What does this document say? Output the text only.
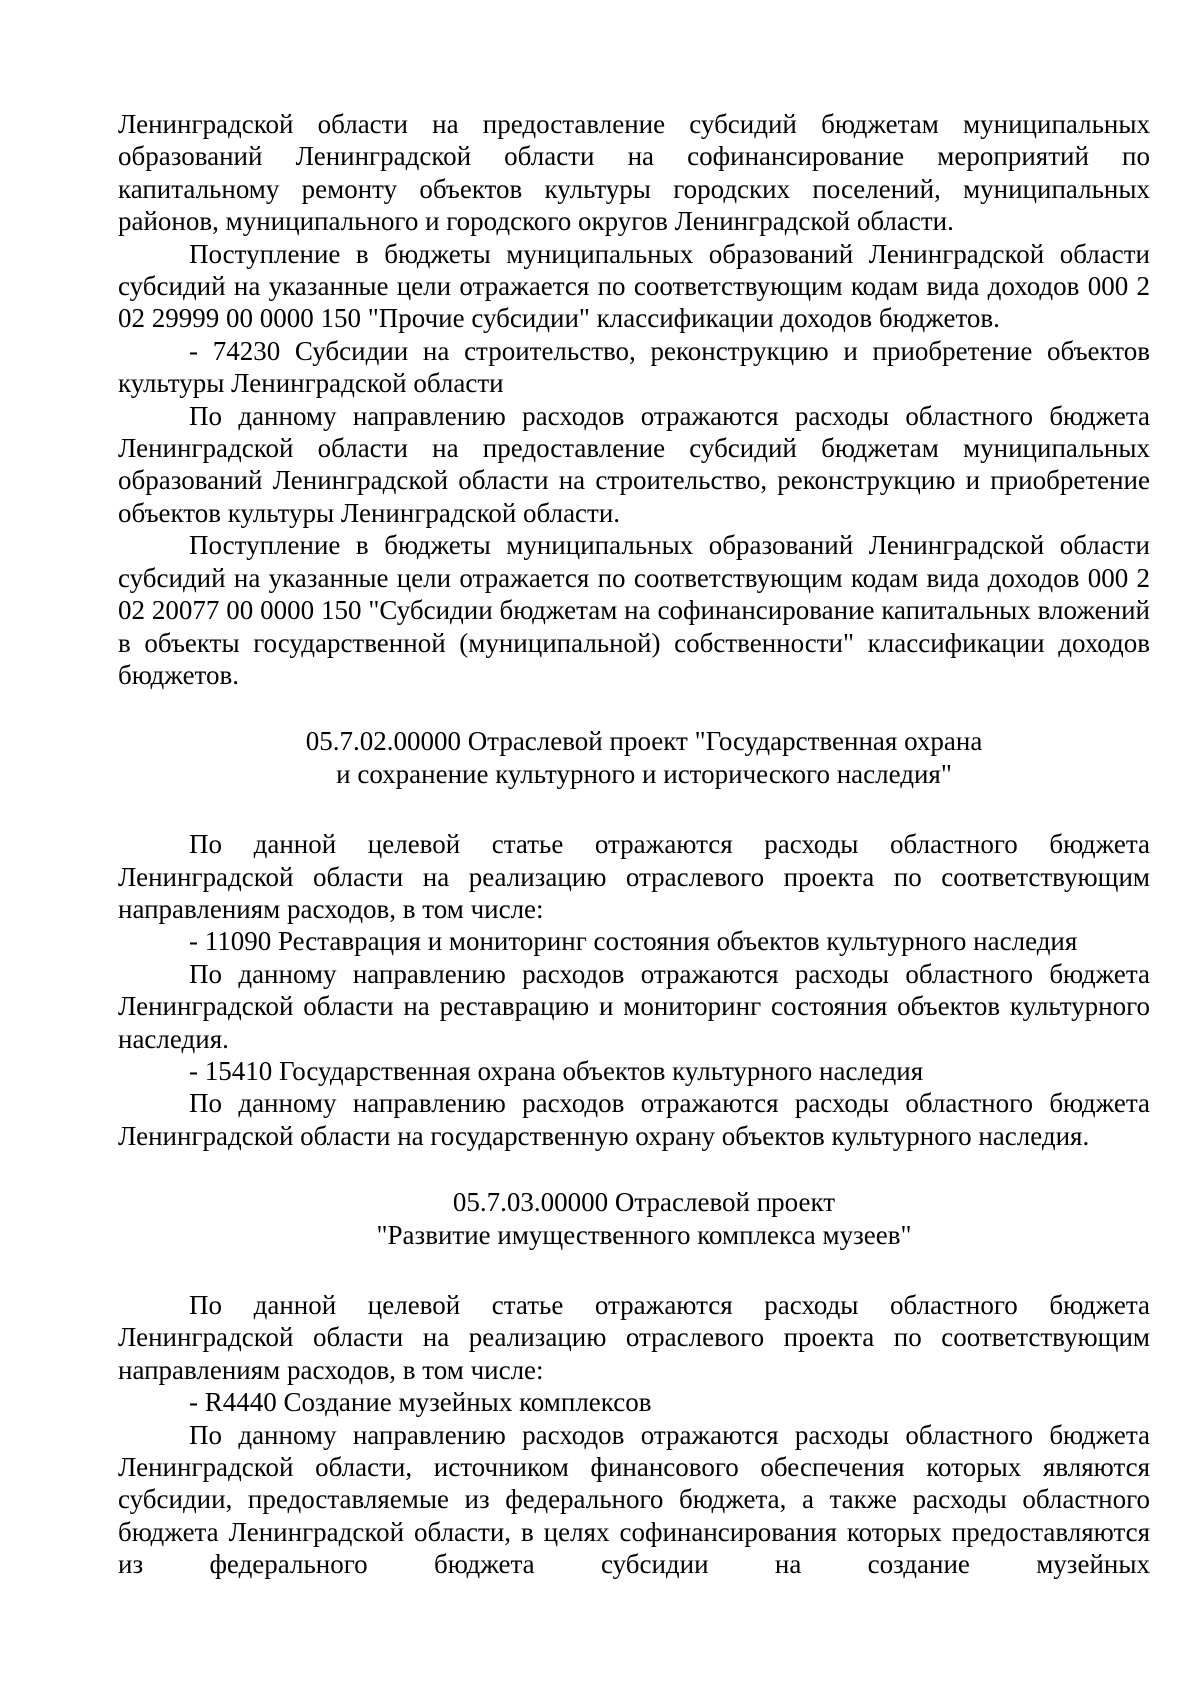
Ленинградской области на предоставление субсидий бюджетам муниципальных образований Ленинградской области на софинансирование мероприятий по капитальному ремонту объектов культуры городских поселений, муниципальных районов, муниципального и городского округов Ленинградской области.

Поступление в бюджеты муниципальных образований Ленинградской области субсидий на указанные цели отражается по соответствующим кодам вида доходов 000 2 02 29999 00 0000 150 "Прочие субсидии" классификации доходов бюджетов.

- 74230 Субсидии на строительство, реконструкцию и приобретение объектов культуры Ленинградской области

По данному направлению расходов отражаются расходы областного бюджета Ленинградской области на предоставление субсидий бюджетам муниципальных образований Ленинградской области на строительство, реконструкцию и приобретение объектов культуры Ленинградской области.

Поступление в бюджеты муниципальных образований Ленинградской области субсидий на указанные цели отражается по соответствующим кодам вида доходов 000 2 02 20077 00 0000 150 "Субсидии бюджетам на софинансирование капитальных вложений в объекты государственной (муниципальной) собственности" классификации доходов бюджетов.

05.7.02.00000 Отраслевой проект "Государственная охрана
и сохранение культурного и исторического наследия"

По данной целевой статье отражаются расходы областного бюджета Ленинградской области на реализацию отраслевого проекта по соответствующим направлениям расходов, в том числе:

- 11090 Реставрация и мониторинг состояния объектов культурного наследия

По данному направлению расходов отражаются расходы областного бюджета Ленинградской области на реставрацию и мониторинг состояния объектов культурного наследия.

- 15410 Государственная охрана объектов культурного наследия

По данному направлению расходов отражаются расходы областного бюджета Ленинградской области на государственную охрану объектов культурного наследия.

05.7.03.00000 Отраслевой проект
"Развитие имущественного комплекса музеев"

По данной целевой статье отражаются расходы областного бюджета Ленинградской области на реализацию отраслевого проекта по соответствующим направлениям расходов, в том числе:

- R4440 Создание музейных комплексов

По данному направлению расходов отражаются расходы областного бюджета Ленинградской области, источником финансового обеспечения которых являются субсидии, предоставляемые из федерального бюджета, а также расходы областного бюджета Ленинградской области, в целях софинансирования которых предоставляются из федерального бюджета субсидии на создание музейных
